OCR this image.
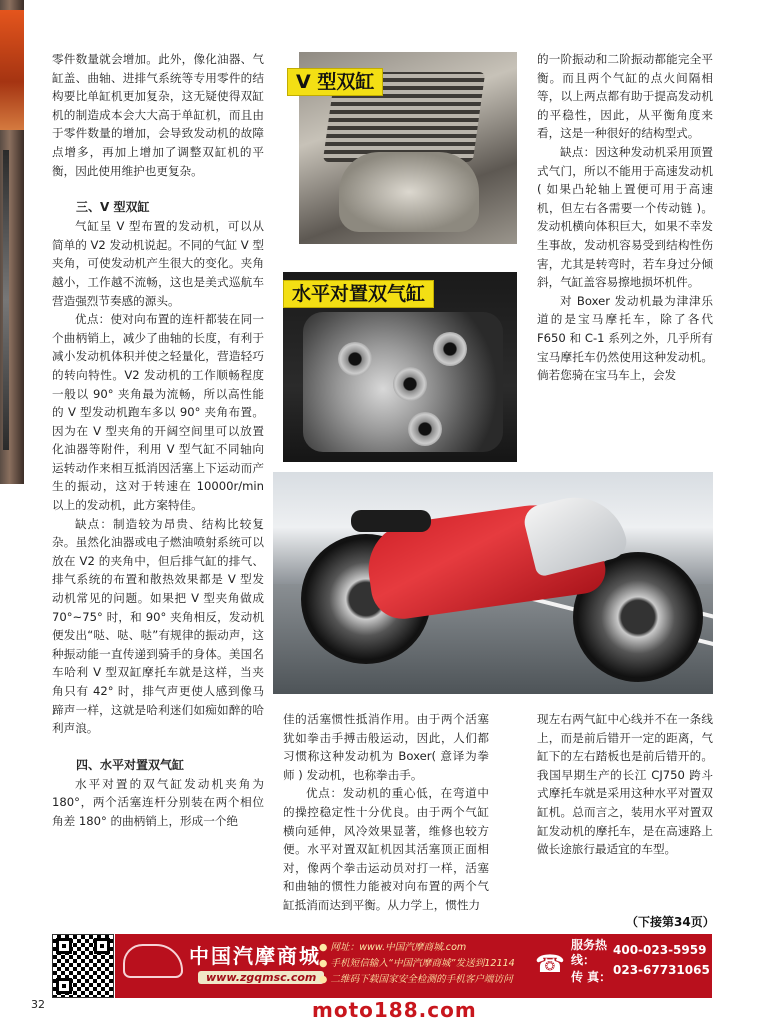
零件数量就会增加。此外，像化油器、气缸盖、曲轴、进排气系统等专用零件的结构要比单缸机更加复杂，这无疑使得双缸机的制造成本会大大高于单缸机，而且由于零件数量的增加，会导致发动机的故障点增多，再加上增加了调整双缸机的平衡，因此使用维护也更复杂。

三、V 型双缸

气缸呈 V 型布置的发动机，可以从简单的 V2 发动机说起。不同的气缸 V 型夹角，可使发动机产生很大的变化。夹角越小，工作越不流畅，这也是美式巡航车营造强烈节奏感的源头。

优点：使对向布置的连杆都装在同一个曲柄销上，减少了曲轴的长度，有利于减小发动机体积并使之轻量化，营造轻巧的转向特性。V2 发动机的工作顺畅程度一般以 90° 夹角最为流畅，所以高性能的 V 型发动机跑车多以 90° 夹角布置。因为在 V 型夹角的开阔空间里可以放置化油器等附件，利用 V 型气缸不同轴向运转动作来相互抵消因活塞上下运动而产生的振动，这对于转速在 10000r/min 以上的发动机，此方案特佳。

缺点：制造较为昂贵、结构比较复杂。虽然化油器或电子燃油喷射系统可以放在 V2 的夹角中，但后排气缸的排气、排气系统的布置和散热效果都是 V 型发动机常见的问题。如果把 V 型夹角做成 70°~75° 时，和 90° 夹角相反，发动机便发出“哒、哒、哒”有规律的振动声，这种振动能一直传递到骑手的身体。美国名车哈利 V 型双缸摩托车就是这样，当夹角只有 42° 时，排气声更使人感到像马蹄声一样，这就是哈利迷们如痴如醉的哈利声浪。

四、水平对置双气缸

水平对置的双气缸发动机夹角为 180°，两个活塞连杆分别装在两个相位角差 180° 的曲柄销上，形成一个绝

V 型双缸
水平对置双气缸

佳的活塞惯性抵消作用。由于两个活塞犹如拳击手搏击般运动，因此，人们都习惯称这种发动机为 Boxer( 意译为拳师 ) 发动机，也称拳击手。

优点：发动机的重心低，在弯道中的操控稳定性十分优良。由于两个气缸横向延伸，风冷效果显著，维修也较方便。水平对置双缸机因其活塞顶正面相对，像两个拳击运动员对打一样，活塞和曲轴的惯性力能被对向布置的两个气缸抵消而达到平衡。从力学上，惯性力

的一阶振动和二阶振动都能完全平衡。而且两个气缸的点火间隔相等，以上两点都有助于提高发动机的平稳性，因此，从平衡角度来看，这是一种很好的结构型式。

缺点：因这种发动机采用顶置式气门，所以不能用于高速发动机 ( 如果凸轮轴上置便可用于高速机，但左右各需要一个传动链 )。发动机横向体积巨大，如果不幸发生事故，发动机容易受到结构性伤害，尤其是转弯时，若车身过分倾斜，气缸盖容易擦地损坏机件。

对 Boxer 发动机最为津津乐道的是宝马摩托车，除了各代 F650 和 C-1 系列之外，几乎所有宝马摩托车仍然使用这种发动机。倘若您骑在宝马车上，会发

现左右两气缸中心线并不在一条线上，而是前后错开一定的距离，气缸下的左右踏板也是前后错开的。我国早期生产的长江 CJ750 跨斗式摩托车就是采用这种水平对置双缸机。总而言之，装用水平对置双缸发动机的摩托车，是在高速路上做长途旅行最适宜的车型。

（下接第34页）
中国汽摩商城
www.zgqmsc.com
● 网址：www.中国汽摩商城.com
● 手机短信输入“中国汽摩商城”发送到12114
● 二维码下载国家安全检测的手机客户端访问
☎
服务热线：
传 真：
400-023-5959
023-67731065
32	moto188.com
